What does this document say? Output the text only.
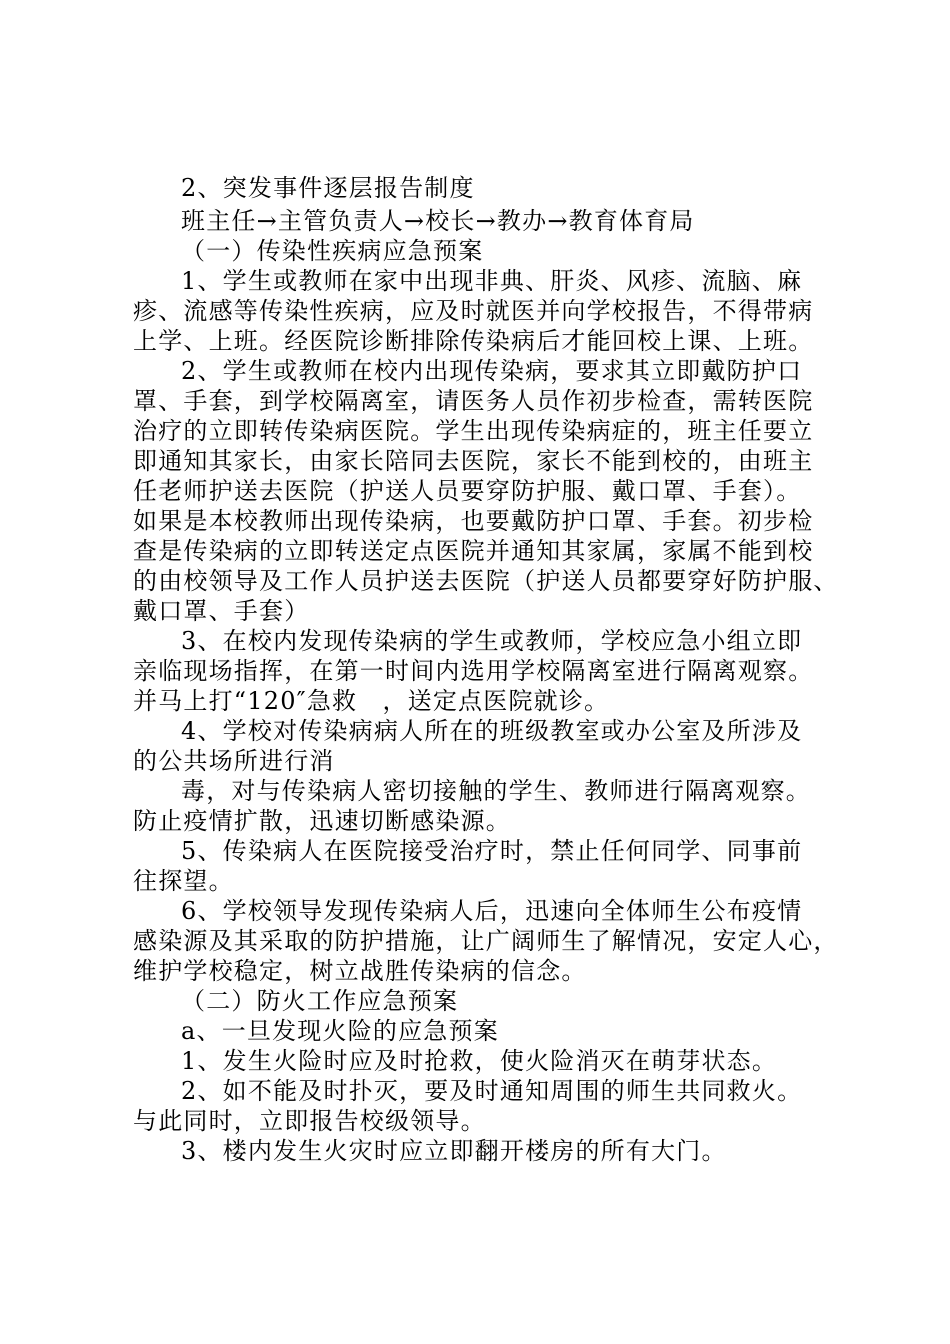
2、突发事件逐层报告制度
班主任→主管负责人→校长→教办→教育体育局
（一）传染性疾病应急预案
1、学生或教师在家中出现非典、肝炎、风疹、流脑、麻
疹、流感等传染性疾病，应及时就医并向学校报告，不得带病
上学、上班。经医院诊断排除传染病后才能回校上课、上班。
2、学生或教师在校内出现传染病，要求其立即戴防护口
罩、手套，到学校隔离室，请医务人员作初步检查，需转医院
治疗的立即转传染病医院。学生出现传染病症的，班主任要立
即通知其家长，由家长陪同去医院，家长不能到校的，由班主
任老师护送去医院（护送人员要穿防护服、戴口罩、手套）。
如果是本校教师出现传染病，也要戴防护口罩、手套。初步检
查是传染病的立即转送定点医院并通知其家属，家属不能到校
的由校领导及工作人员护送去医院（护送人员都要穿好防护服、
戴口罩、手套）
3、在校内发现传染病的学生或教师，学校应急小组立即
亲临现场指挥，在第一时间内选用学校隔离室进行隔离观察。
并马上打“120″急救　，送定点医院就诊。
4、学校对传染病病人所在的班级教室或办公室及所涉及
的公共场所进行消
毒，对与传染病人密切接触的学生、教师进行隔离观察。
防止疫情扩散，迅速切断感染源。
5、传染病人在医院接受治疗时，禁止任何同学、同事前
往探望。
6、学校领导发现传染病人后，迅速向全体师生公布疫情
感染源及其采取的防护措施，让广阔师生了解情况，安定人心，
维护学校稳定，树立战胜传染病的信念。
（二）防火工作应急预案
a、一旦发现火险的应急预案
1、发生火险时应及时抢救，使火险消灭在萌芽状态。
2、如不能及时扑灭，要及时通知周围的师生共同救火。
与此同时，立即报告校级领导。
3、楼内发生火灾时应立即翻开楼房的所有大门。
